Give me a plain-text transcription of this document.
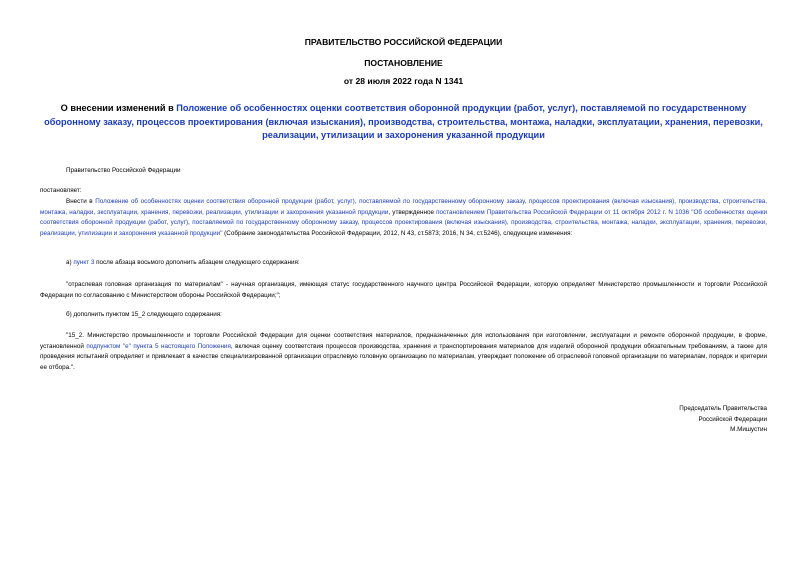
ПРАВИТЕЛЬСТВО РОССИЙСКОЙ ФЕДЕРАЦИИ
ПОСТАНОВЛЕНИЕ
от 28 июля 2022 года N 1341
О внесении изменений в Положение об особенностях оценки соответствия оборонной продукции (работ, услуг), поставляемой по государственному оборонному заказу, процессов проектирования (включая изыскания), производства, строительства, монтажа, наладки, эксплуатации, хранения, перевозки, реализации, утилизации и захоронения указанной продукции
Правительство Российской Федерации
постановляет:
Внести в Положение об особенностях оценки соответствия оборонной продукции (работ, услуг), поставляемой по государственному оборонному заказу, процессов проектирования (включая изыскания), производства, строительства, монтажа, наладки, эксплуатации, хранения, перевозки, реализации, утилизации и захоронения указанной продукции, утвержденное постановлением Правительства Российской Федерации от 11 октября 2012 г. N 1036 "Об особенностях оценки соответствия оборонной продукции (работ, услуг), поставляемой по государственному оборонному заказу, процессов проектирования (включая изыскания), производства, строительства, монтажа, наладки, эксплуатации, хранения, перевозки, реализации, утилизации и захоронения указанной продукции" (Собрание законодательства Российской Федерации, 2012, N 43, ст.5873; 2016, N 34, ст.5246), следующие изменения:
а) пункт 3 после абзаца восьмого дополнить абзацем следующего содержания:
"отраслевая головная организация по материалам" - научная организация, имеющая статус государственного научного центра Российской Федерации, которую определяет Министерство промышленности и торговли Российской Федерации по согласованию с Министерством обороны Российской Федерации;";
б) дополнить пунктом 15_2 следующего содержания:
"15_2. Министерство промышленности и торговли Российской Федерации для оценки соответствия материалов, предназначенных для использования при изготовлении, эксплуатации и ремонте оборонной продукции, в форме, установленной подпунктом "е" пункта 5 настоящего Положения, включая оценку соответствия процессов производства, хранения и транспортирования материалов для изделий оборонной продукции обязательным требованиям, а также для проведения испытаний определяет и привлекает в качестве специализированной организации отраслевую головную организацию по материалам, утверждает положение об отраслевой головной организации по материалам, порядок и критерии ее отбора.".
Председатель Правительства
Российской Федерации
М.Мишустин
